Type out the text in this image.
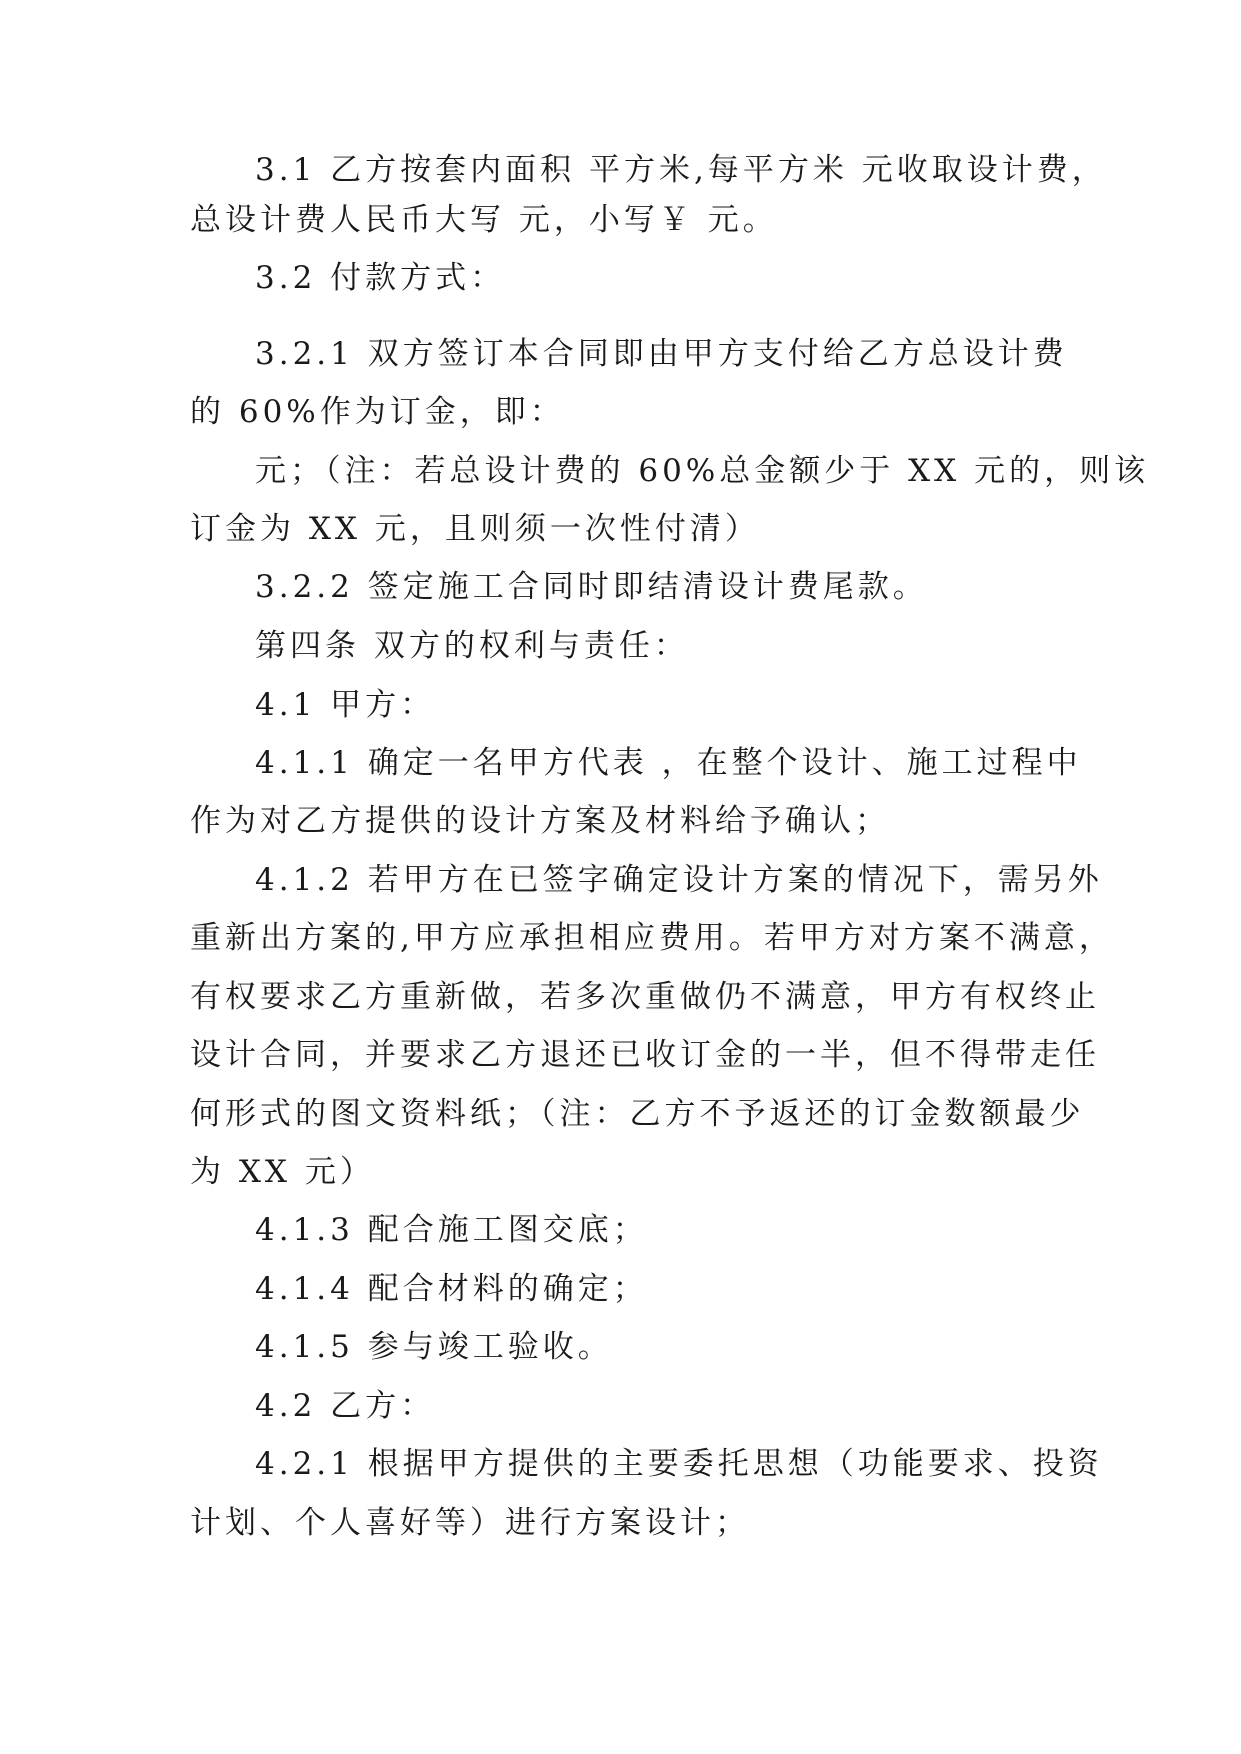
3.1 乙方按套内面积 平方米,每平方米 元收取设计费，
总设计费人民币大写 元，小写￥ 元。
3.2 付款方式：
3.2.1 双方签订本合同即由甲方支付给乙方总设计费
的 60%作为订金，即：
元；（注：若总设计费的 60%总金额少于 XX 元的，则该
订金为 XX 元，且则须一次性付清）
3.2.2 签定施工合同时即结清设计费尾款。
第四条 双方的权利与责任：
4.1 甲方：
4.1.1 确定一名甲方代表 ，在整个设计、施工过程中
作为对乙方提供的设计方案及材料给予确认；
4.1.2 若甲方在已签字确定设计方案的情况下，需另外
重新出方案的,甲方应承担相应费用。若甲方对方案不满意，
有权要求乙方重新做，若多次重做仍不满意，甲方有权终止
设计合同，并要求乙方退还已收订金的一半，但不得带走任
何形式的图文资料纸；（注：乙方不予返还的订金数额最少
为 XX 元）
4.1.3 配合施工图交底；
4.1.4 配合材料的确定；
4.1.5 参与竣工验收。
4.2 乙方：
4.2.1 根据甲方提供的主要委托思想（功能要求、投资
计划、个人喜好等）进行方案设计；
